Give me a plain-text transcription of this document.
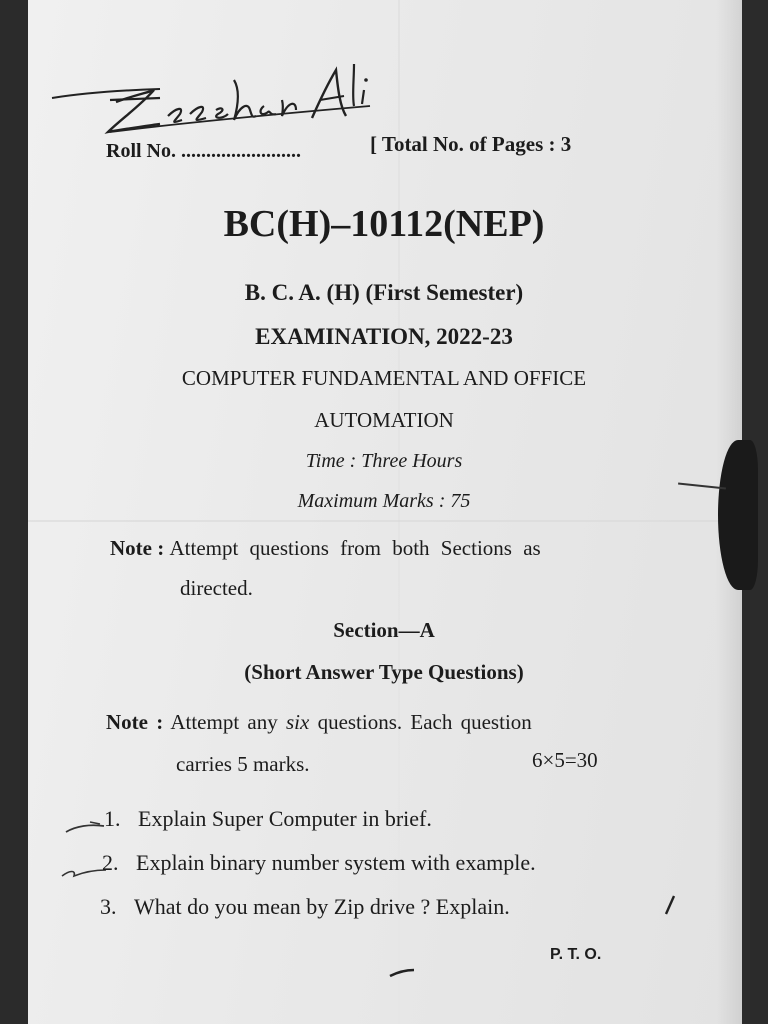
Roll No. ........................	[ Total No. of Pages : 3
BC(H)–10112(NEP)
B. C. A. (H) (First Semester)
EXAMINATION, 2022-23
COMPUTER FUNDAMENTAL AND OFFICE
AUTOMATION
Time : Three Hours
Maximum Marks : 75
Note : Attempt questions from both Sections as
directed.
Section—A
(Short Answer Type Questions)
Note : Attempt any six questions. Each question
carries 5 marks.	6×5=30
1. Explain Super Computer in brief.
2. Explain binary number system with example.
3. What do you mean by Zip drive ? Explain.
P. T. O.
